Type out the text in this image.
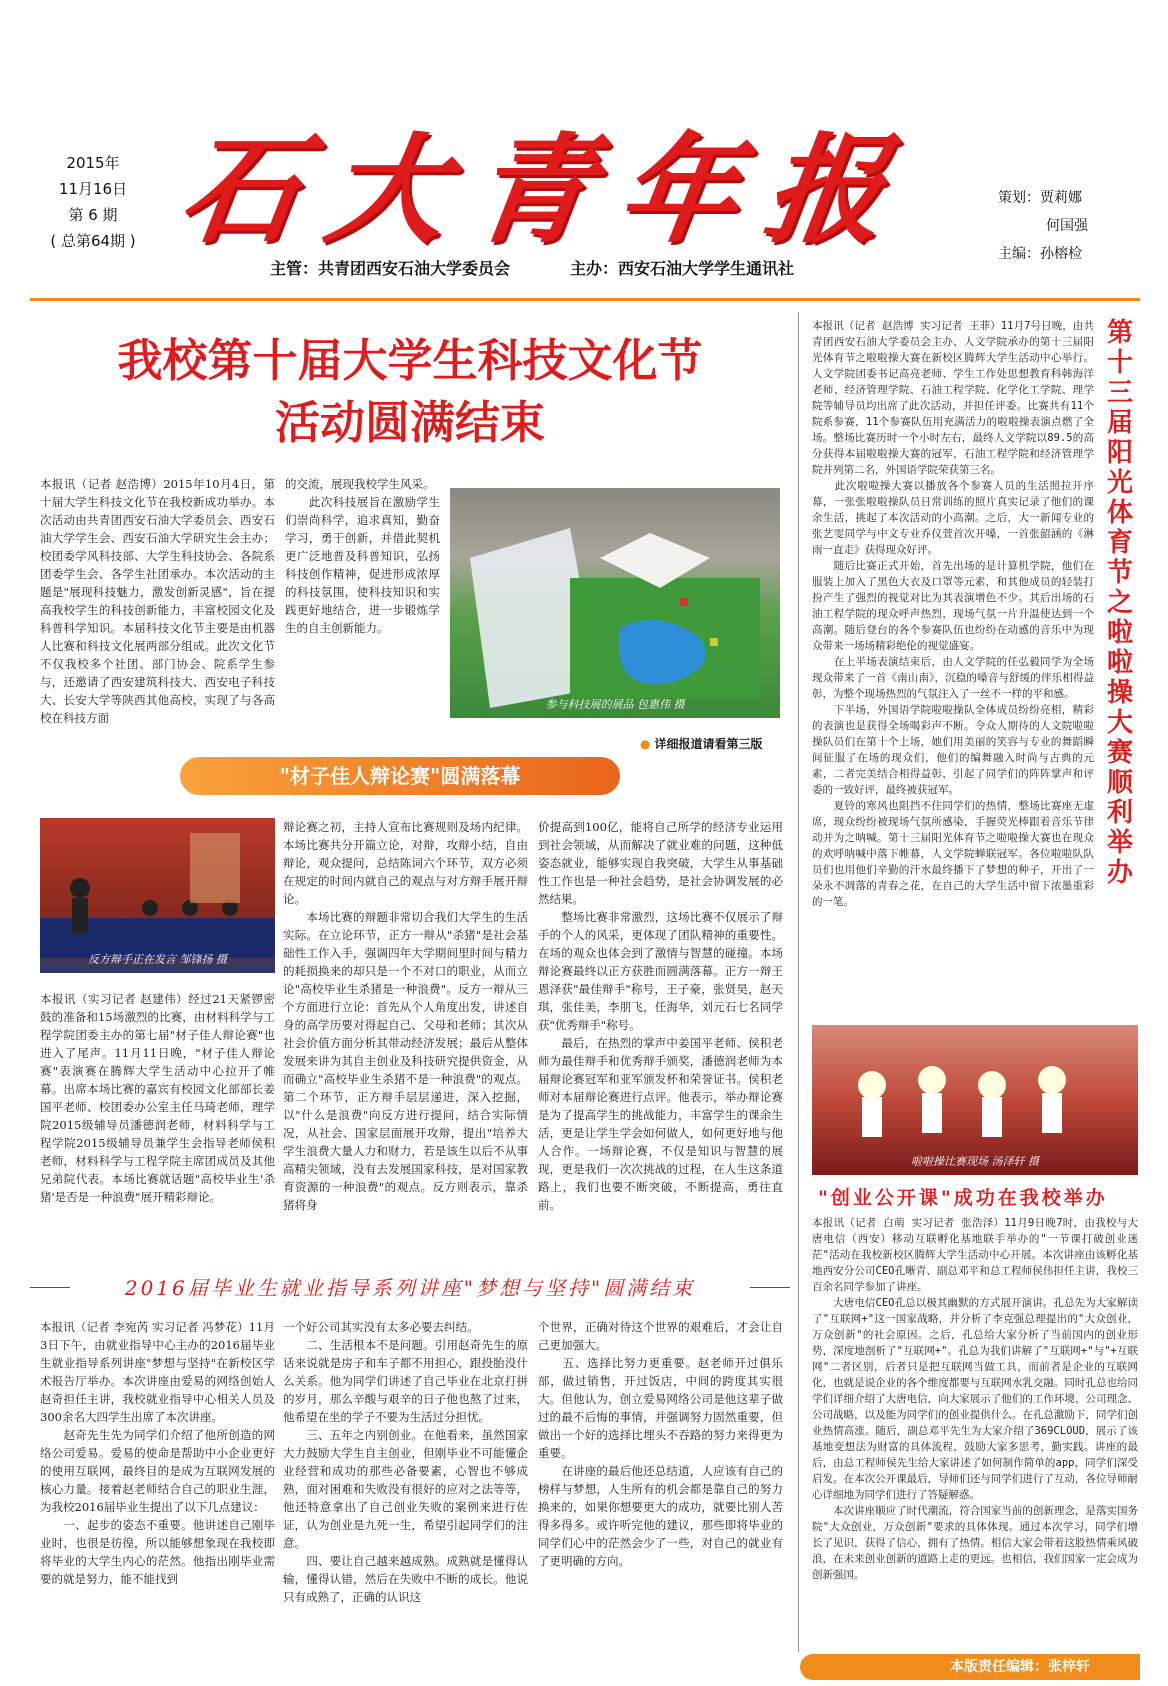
2015年
11月16日
第 6 期
( 总第64期 ) 石大青年报	策划：贾莉娜
何国强
主编：孙榕检
主管：共青团西安石油大学委员会	主办：西安石油大学学生通讯社
我校第十届大学生科技文化节
活动圆满结束
本报讯（记者 赵浩博）2015年10月4日，第十届大学生科技文化节在我校新成功举办。本次活动由共青团西安石油大学委员会、西安石油大学学生会、西安石油大学研究生会主办；校团委学风科技部、大学生科技协会、各院系团委学生会、各学生社团承办。本次活动的主题是"展现科技魅力，激发创新灵感"，旨在提高我校学生的科技创新能力，丰富校园文化及科普科学知识。本届科技文化节主要是由机器人比赛和科技文化展两部分组成。此次文化节不仅我校多个社团、部门协会、院系学生参与，还邀请了西安建筑科技大、西安电子科技大、长安大学等陕西其他高校，实现了与各高校在科技方面
的交流，展现我校学生风采。
　　此次科技展旨在激励学生们崇尚科学，追求真知，勤奋学习，勇于创新，并借此契机更广泛地普及科普知识，弘扬科技创作精神，促进形成浓厚的科技氛围，使科技知识和实践更好地结合，进一步锻炼学生的自主创新能力。
参与科技展的展品 包惠伟 摄
● 详细报道请看第三版
"材子佳人辩论赛"圆满落幕
反方辩手正在发言 邹锋扬 摄
本报讯（实习记者 赵建伟）经过21天紧锣密鼓的准备和15场激烈的比赛，由材料科学与工程学院团委主办的第七届"材子佳人辩论赛"也进入了尾声。11月11日晚，"材子佳人辩论赛"表演赛在腾辉大学生活动中心拉开了帷幕。出席本场比赛的嘉宾有校园文化部部长姜国平老师、校团委办公室主任马琦老师，理学院2015级辅导员潘德润老师，材料科学与工程学院2015级辅导员兼学生会指导老师侯积老师，材料科学与工程学院主席团成员及其他兄弟院代表。本场比赛就话题"高校毕业生'杀猪'是否是一种浪费"展开精彩辩论。
辩论赛之初，主持人宣布比赛规则及场内纪律。本场比赛共分开篇立论，对辩，攻辩小结，自由辩论，观众提问，总结陈词六个环节，双方必须在规定的时间内就自己的观点与对方辩手展开辩论。
　　本场比赛的辩题非常切合我们大学生的生活实际。在立论环节，正方一辩从"杀猪"是社会基础性工作入手，强调四年大学期间里时间与精力的耗损换来的却只是一个不对口的职业，从而立论"高校毕业生杀猪是一种浪费"。反方一辩从三个方面进行立论：首先从个人角度出发，讲述自身的高学历要对得起自己、父母和老师；其次从社会价值方面分析其带动经济发展；最后从整体发展来讲为其自主创业及科技研究提供资金，从而确立"高校毕业生杀猪不是一种浪费"的观点。第二个环节，正方辩手层层递进，深入挖掘，以"什么是浪费"向反方进行提问，结合实际情况，从社会、国家层面展开攻辩，提出"培养大学生浪费大量人力和财力，若是该生以后不从事高精尖领域，没有去发展国家科技，是对国家教育资源的一种浪费"的观点。反方则表示，靠杀猪将身
价提高到100亿，能将自己所学的经济专业运用到社会领域，从而解决了就业难的问题，这种低姿态就业，能够实现自我突破，大学生从事基础性工作也是一种社会趋势，是社会协调发展的必然结果。
　　整场比赛非常激烈，这场比赛不仅展示了辩手的个人的风采，更体现了团队精神的重要性。在场的观众也体会到了激情与智慧的碰撞。本场辩论赛最终以正方获胜而圆满落幕。正方一辩王恩泽获"最佳辩手"称号，王子豪，张贤昊，赵天琪，张佳美，李朋飞，任海华，刘元石七名同学获"优秀辩手"称号。
　　最后，在热烈的掌声中姜国平老师、侯积老师为最佳辩手和优秀辩手颁奖，潘德润老师为本届辩论赛冠军和亚军颁发杯和荣誉证书。侯积老师对本届辩论赛进行点评。他表示，举办辩论赛是为了提高学生的挑战能力，丰富学生的课余生活，更是让学生学会如何做人，如何更好地与他人合作。一场辩论赛，不仅是知识与智慧的展现，更是我们一次次挑战的过程，在人生这条道路上，我们也要不断突破，不断提高，勇往直前。
2016届毕业生就业指导系列讲座"梦想与坚持"圆满结束
本报讯（记者 李宛芮 实习记者 冯梦花）11月3日下午，由就业指导中心主办的2016届毕业生就业指导系列讲座"梦想与坚持"在新校区学术报告厅举办。本次讲座由爱易的网络创始人赵奇担任主讲，我校就业指导中心相关人员及300余名大四学生出席了本次讲座。
　　赵奇先生先为同学们介绍了他所创造的网络公司爱易。爱易的使命是帮助中小企业更好的使用互联网，最终目的是成为互联网发展的核心力量。接着赵老师结合自己的职业生涯，为我校2016届毕业生提出了以下几点建议：
　　一、起步的姿态不重要。他讲述自己刚毕业时，也很是彷徨，所以能够想象现在我校即将毕业的大学生内心的茫然。他指出刚毕业需要的就是努力，能不能找到
一个好公司其实没有太多必要去纠结。
　　二、生活根本不是问题。引用赵奇先生的原话来说就是房子和车子都不用担心，跟投胎没什么关系。他为同学们讲述了自己毕业在北京打拼的岁月，那么辛酸与艰辛的日子他也熬了过来，他希望在坐的学子不要为生活过分担忧。
　　三、五年之内别创业。在他看来，虽然国家大力鼓励大学生自主创业，但刚毕业不可能懂企业经营和成功的那些必备要素，心智也不够成熟，面对困难和失败没有很好的应对之法等等，他还特意拿出了自己创业失败的案例来进行佐证，认为创业是九死一生，希望引起同学们的注意。
　　四、要让自己越来越成熟。成熟就是懂得认输，懂得认错，然后在失败中不断的成长。他说只有成熟了，正确的认识这
个世界，正确对待这个世界的艰难后，才会让自己更加强大。
　　五、选择比努力更重要。赵老师开过俱乐部，做过销售，开过饭店，中间的跨度其实很大。但他认为，创立爱易网络公司是他这辈子做过的最不后悔的事情，并强调努力固然重要，但做出一个好的选择比埋头不吞路的努力来得更为重要。
　　在讲座的最后他还总结道，人应该有自己的榜样与梦想，人生所有的机会都是靠自己的努力换来的，如果你想要更大的成功，就要比别人苦得多得多。或许听完他的建议，那些即将毕业的同学们心中的茫然会少了一些，对自己的就业有了更明确的方向。
第十三届阳光体育节之啦啦操大赛顺利举办
本报讯（记者 赵浩博 实习记者 王菲）11月7号日晚，由共青团西安石油大学委员会主办、人文学院承办的第十三届阳光体育节之啦啦操大赛在新校区腾辉大学生活动中心举行。人文学院团委书记高亮老师、学生工作处思想教育科韩海洋老师、经济管理学院、石油工程学院、化学化工学院、理学院等辅导员均出席了此次活动，并担任评委。比赛共有11个院系参赛，11个参赛队伍用充满活力的啦啦操表演点燃了全场。整场比赛历时一个小时左右，最终人文学院以89.5的高分获得本届啦啦操大赛的冠军，石油工程学院和经济管理学院并列第二名，外国语学院荣获第三名。
　　此次啦啦操大赛以播放各个参赛人员的生活照拉开序幕，一张张啦啦操队员日常训练的照片真实记录了他们的课余生活，挑起了本次活动的小高潮。之后，大一新闻专业的张艺雯同学与中文专业乔仪萱首次开嗓，一首张韶涵的《淋雨一直走》获得现众好评。
　　随后比赛正式开始，首先出场的是计算机学院，他们在服装上加入了黑色大衣及口罩等元素，和其他成员的轻装打扮产生了强烈的视觉对比为其表演增色不少。其后出场的石油工程学院的现众呼声热烈，现场气氛一片升温使达到一个高潮。随后登台的各个参赛队伍也纷纷在动感的音乐中为现众带来一场场精彩绝伦的视觉盛宴。
　　在上半场表演结束后，由人文学院的任弘毅同学为全场现众带来了一首《南山南》，沉稳的嗓音与舒缓的伴乐相得益彰，为整个现场热烈的气氛注入了一丝不一样的平和感。
　　下半场，外国语学院啦啦操队全体成员纷纷亮相，精彩的表演也是获得全场喝彩声不断。令众人期待的人文院啦啦操队员们在第十个上场，她们用美丽的笑容与专业的舞蹈瞬间征服了在场的现众们，他们的编舞融入时尚与古典的元素，二者完美结合相得益彰，引起了同学们的阵阵掌声和评委的一致好评，最终被获冠军。
　　夏铃的寒风也阻挡不住同学们的热情，整场比赛座无虚席，现众纷纷被现场气氛所感染，手握荧光棒跟着音乐节律动并为之呐喊。第十三届阳光体育节之啦啦操大赛也在现众的欢呼呐喊中落下帷幕，人文学院蝉联冠军。各位啦啦队队员们也用他们辛勤的汗水最终播下了梦想的种子，开出了一朵永不凋落的青春之花，在自己的大学生活中留下浓墨重彩的一笔。
啦啦操比赛现场 汤泽轩 摄
"创业公开课"成功在我校举办
本报讯（记者 白萌 实习记者 张浩泽）11月9日晚7时，由我校与大唐电信（西安）移动互联孵化基地联手举办的"一节课打破创业迷茫"活动在我校新校区腾辉大学生活动中心开展。本次讲座由该孵化基地西安分公司CEO孔晰青、副总邓平和总工程师侯伟担任主讲，我校三百余名同学参加了讲座。
　　大唐电信CEO孔总以极其幽默的方式展开演讲。孔总先为大家解读了"互联网+"这一国家战略，并分析了李克强总理提出的"大众创业，万众创新"的社会原因。之后，孔总给大家分析了当前国内的创业形势，深度地剖析了"互联网+"。孔总为我们讲解了"互联网+"与"+互联网"二者区别，后者只是把互联网当做工具，而前者是企业的互联网化，也就是说企业的各个维度都要与互联网水乳交融。同时孔总也给同学们详细介绍了大唐电信，向大家展示了他们的工作环境、公司理念、公司战略，以及能为同学们的创业提供什么。在孔总激励下，同学们创业热情高涨。随后，副总邓平先生为大家介绍了369CLOUD，展示了该基地变想法为财富的具体流程，鼓励大家多思考，勤实践。讲座的最后，由总工程师侯先生给大家讲述了如何制作简单的app，同学们深受启发。在本次公开课最后，导师们还与同学们进行了互动，各位导师耐心详细地为同学们进行了答疑解惑。
　　本次讲座顺应了时代潮流，符合国家当前的创新理念，是落实国务院"大众创业，万众创新"要求的具体体现。通过本次学习，同学们增长了见识，获得了信心，拥有了热情。相信大家会带着这股热情乘风破浪，在未来创业创新的道路上走的更远。也相信，我们国家一定会成为创新强国。
本版责任编辑：张梓轩
